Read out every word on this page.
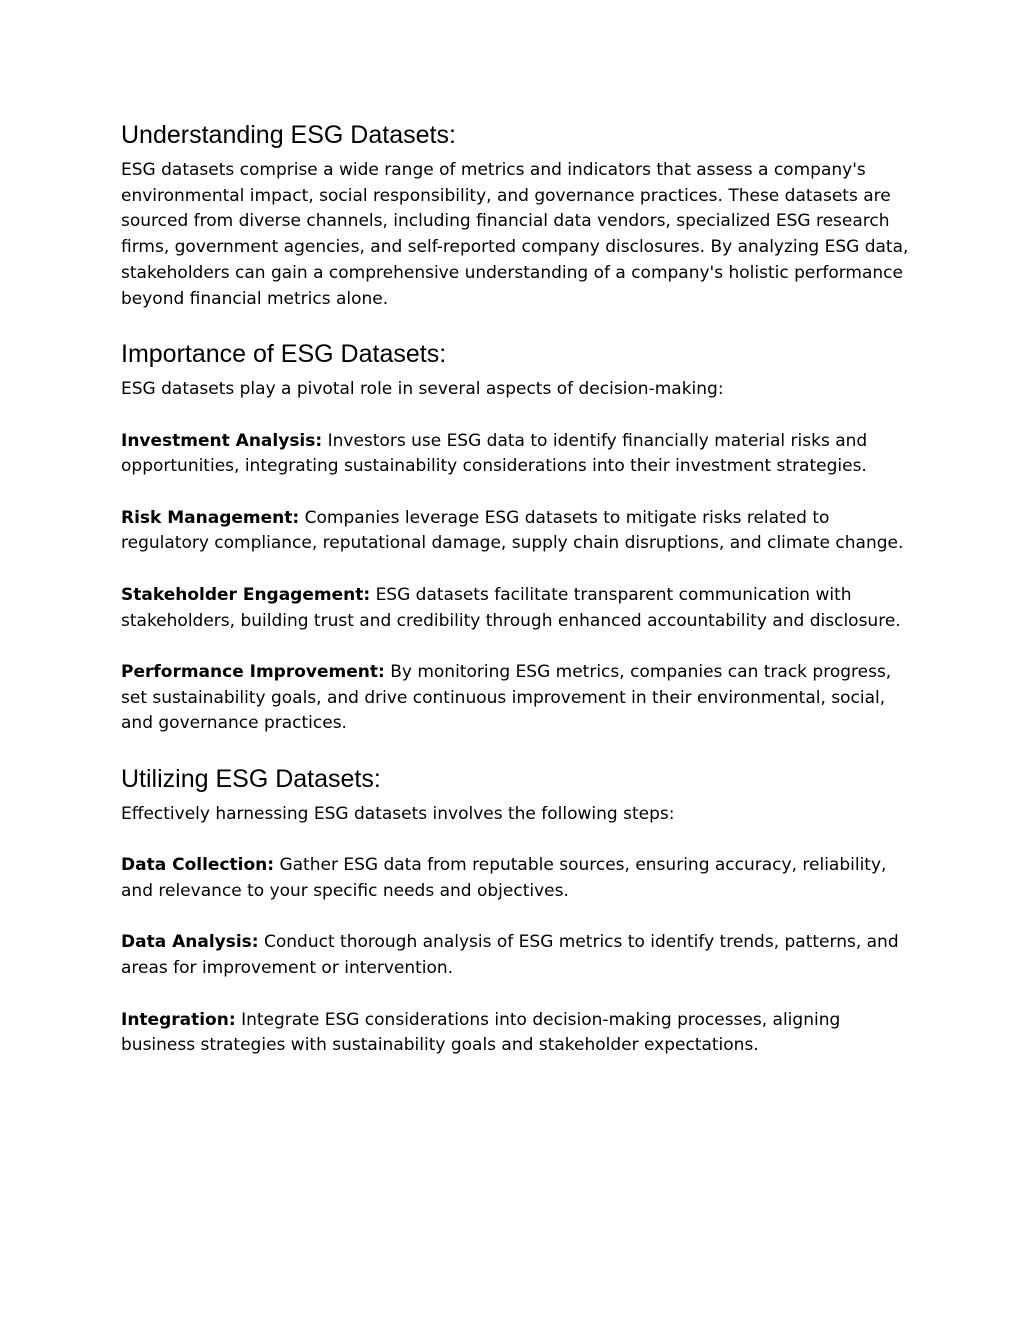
Understanding ESG Datasets:

ESG datasets comprise a wide range of metrics and indicators that assess a company's environmental impact, social responsibility, and governance practices. These datasets are sourced from diverse channels, including financial data vendors, specialized ESG research firms, government agencies, and self-reported company disclosures. By analyzing ESG data, stakeholders can gain a comprehensive understanding of a company's holistic performance beyond financial metrics alone.

Importance of ESG Datasets:

ESG datasets play a pivotal role in several aspects of decision-making:

Investment Analysis: Investors use ESG data to identify financially material risks and opportunities, integrating sustainability considerations into their investment strategies.

Risk Management: Companies leverage ESG datasets to mitigate risks related to regulatory compliance, reputational damage, supply chain disruptions, and climate change.

Stakeholder Engagement: ESG datasets facilitate transparent communication with stakeholders, building trust and credibility through enhanced accountability and disclosure.

Performance Improvement: By monitoring ESG metrics, companies can track progress, set sustainability goals, and drive continuous improvement in their environmental, social, and governance practices.

Utilizing ESG Datasets:

Effectively harnessing ESG datasets involves the following steps:

Data Collection: Gather ESG data from reputable sources, ensuring accuracy, reliability, and relevance to your specific needs and objectives.

Data Analysis: Conduct thorough analysis of ESG metrics to identify trends, patterns, and areas for improvement or intervention.

Integration: Integrate ESG considerations into decision-making processes, aligning business strategies with sustainability goals and stakeholder expectations.
